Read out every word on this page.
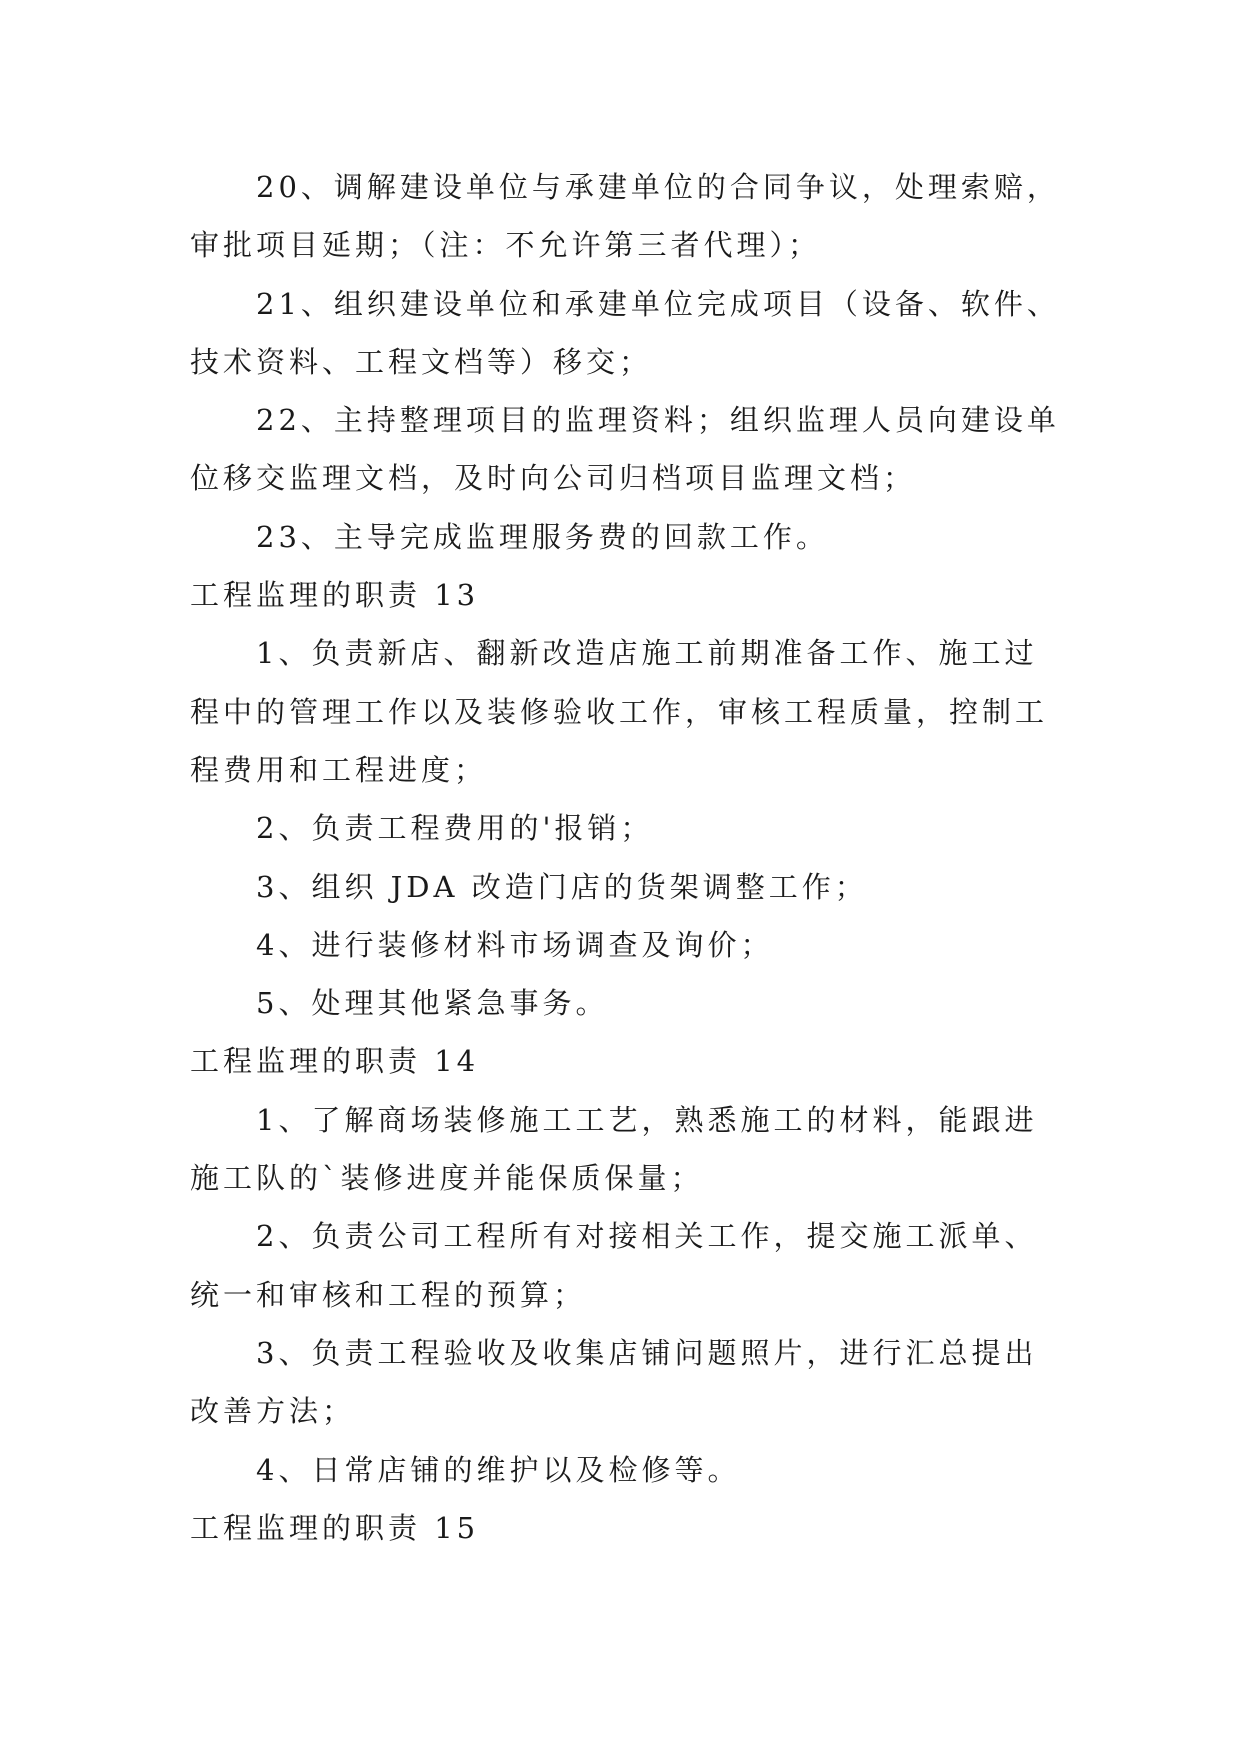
20、调解建设单位与承建单位的合同争议，处理索赔，审批项目延期；（注：不允许第三者代理）；

21、组织建设单位和承建单位完成项目（设备、软件、技术资料、工程文档等）移交；

22、主持整理项目的监理资料；组织监理人员向建设单位移交监理文档，及时向公司归档项目监理文档；

23、主导完成监理服务费的回款工作。

工程监理的职责 13

1、负责新店、翻新改造店施工前期准备工作、施工过程中的管理工作以及装修验收工作，审核工程质量，控制工程费用和工程进度；

2、负责工程费用的'报销；

3、组织 JDA 改造门店的货架调整工作；

4、进行装修材料市场调查及询价；

5、处理其他紧急事务。

工程监理的职责 14

1、了解商场装修施工工艺，熟悉施工的材料，能跟进施工队的`装修进度并能保质保量；

2、负责公司工程所有对接相关工作，提交施工派单、统一和审核和工程的预算；

3、负责工程验收及收集店铺问题照片，进行汇总提出改善方法；

4、日常店铺的维护以及检修等。

工程监理的职责 15
